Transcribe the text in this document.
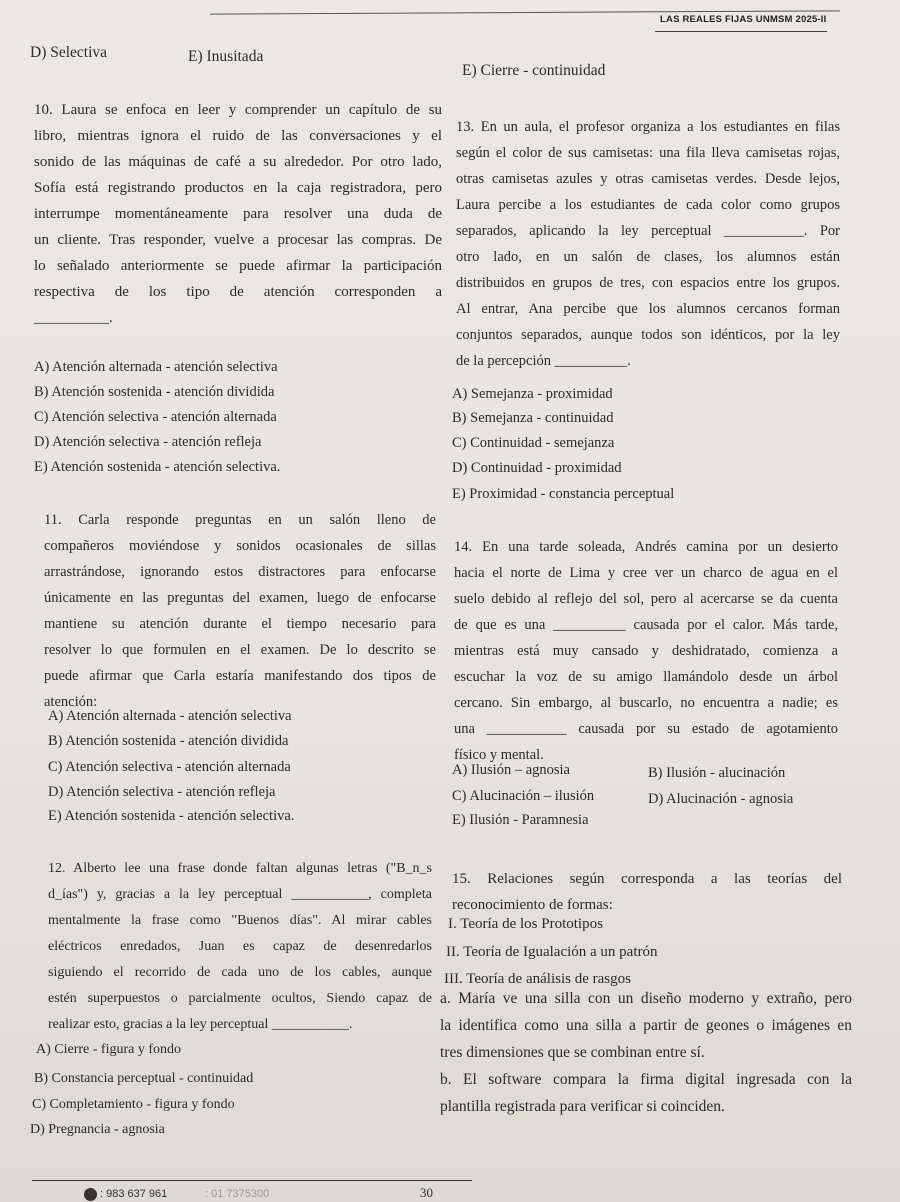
LAS REALES FIJAS UNMSM 2025-II
D) Selectiva	E) Inusitada
E) Cierre - continuidad
10. Laura se enfoca en leer y comprender un capítulo de su
libro, mientras ignora el ruido de las conversaciones y el
sonido de las máquinas de café a su alrededor. Por otro lado,
Sofía está registrando productos en la caja registradora, pero
interrumpe momentáneamente para resolver una duda de
un cliente. Tras responder, vuelve a procesar las compras. De
lo señalado anteriormente se puede afirmar la participación
respectiva de los tipo de atención corresponden a
__________.
A) Atención alternada - atención selectiva
B) Atención sostenida - atención dividida
C) Atención selectiva - atención alternada
D) Atención selectiva - atención refleja
E) Atención sostenida - atención selectiva.
13. En un aula, el profesor organiza a los estudiantes en filas
según el color de sus camisetas: una fila lleva camisetas rojas,
otras camisetas azules y otras camisetas verdes. Desde lejos,
Laura percibe a los estudiantes de cada color como grupos
separados, aplicando la ley perceptual ___________. Por
otro lado, en un salón de clases, los alumnos están
distribuidos en grupos de tres, con espacios entre los grupos.
Al entrar, Ana percibe que los alumnos cercanos forman
conjuntos separados, aunque todos son idénticos, por la ley
de la percepción __________.
A) Semejanza - proximidad
B) Semejanza - continuidad
C) Continuidad - semejanza
D) Continuidad - proximidad
E) Proximidad - constancia perceptual
11. Carla responde preguntas en un salón lleno de
compañeros moviéndose y sonidos ocasionales de sillas
arrastrándose, ignorando estos distractores para enfocarse
únicamente en las preguntas del examen, luego de enfocarse
mantiene su atención durante el tiempo necesario para
resolver lo que formulen en el examen. De lo descrito se
puede afirmar que Carla estaría manifestando dos tipos de
atención:
A) Atención alternada - atención selectiva
B) Atención sostenida - atención dividida
C) Atención selectiva - atención alternada
D) Atención selectiva - atención refleja
E) Atención sostenida - atención selectiva.
14. En una tarde soleada, Andrés camina por un desierto
hacia el norte de Lima y cree ver un charco de agua en el
suelo debido al reflejo del sol, pero al acercarse se da cuenta
de que es una __________ causada por el calor. Más tarde,
mientras está muy cansado y deshidratado, comienza a
escuchar la voz de su amigo llamándolo desde un árbol
cercano. Sin embargo, al buscarlo, no encuentra a nadie; es
una ___________ causada por su estado de agotamiento
físico y mental.
A) Ilusión – agnosia	B) Ilusión - alucinación
C) Alucinación – ilusión	D) Alucinación - agnosia
E) Ilusión - Paramnesia
12. Alberto lee una frase donde faltan algunas letras ("B_n_s
d_ías") y, gracias a la ley perceptual ___________, completa
mentalmente la frase como "Buenos días". Al mirar cables
eléctricos enredados, Juan es capaz de desenredarlos
siguiendo el recorrido de cada uno de los cables, aunque
estén superpuestos o parcialmente ocultos, Siendo capaz de
realizar esto, gracias a la ley perceptual ___________.
A) Cierre - figura y fondo
B) Constancia perceptual - continuidad
C) Completamiento - figura y fondo
D) Pregnancia - agnosia
15. Relaciones según corresponda a las teorías del
reconocimiento de formas:
I. Teoría de los Prototipos
II. Teoría de Igualación a un patrón
III. Teoría de análisis de rasgos
a. María ve una silla con un diseño moderno y extraño, pero
la identifica como una silla a partir de geones o imágenes en
tres dimensiones que se combinan entre sí.
b. El software compara la firma digital ingresada con la
plantilla registrada para verificar si coinciden.
: 983 637 961	: 01 7375300	30
